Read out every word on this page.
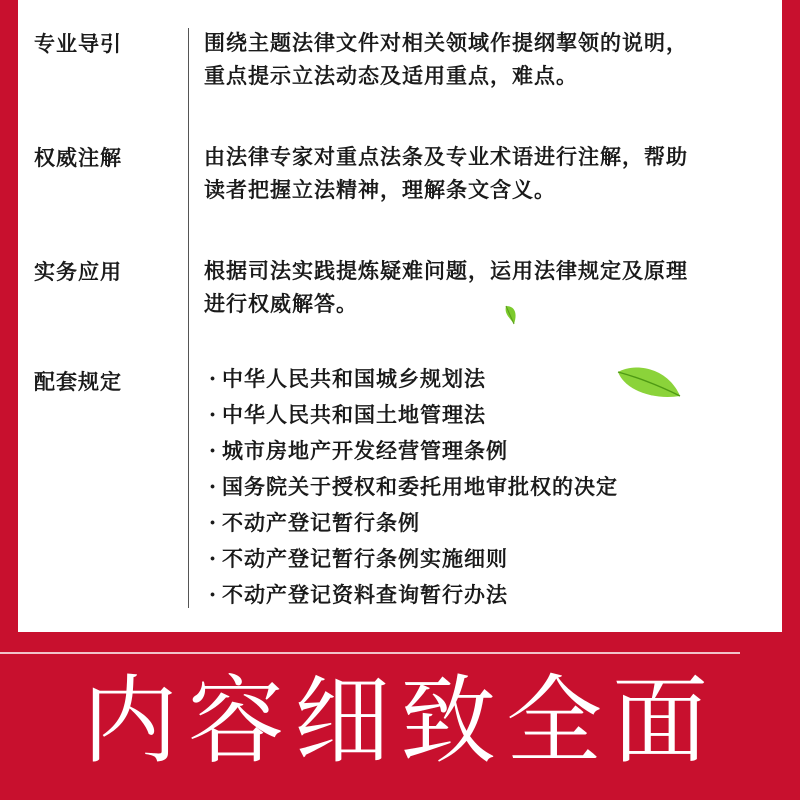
专业导引	围绕主题法律文件对相关领域作提纲挈领的说明，
重点提示立法动态及适用重点，难点。
权威注解	由法律专家对重点法条及专业术语进行注解，帮助
读者把握立法精神，理解条文含义。
实务应用	根据司法实践提炼疑难问题，运用法律规定及原理
进行权威解答。
配套规定	· 中华人民共和国城乡规划法
· 中华人民共和国土地管理法
· 城市房地产开发经营管理条例
· 国务院关于授权和委托用地审批权的决定
· 不动产登记暂行条例
· 不动产登记暂行条例实施细则
· 不动产登记资料查询暂行办法
内容细致全面
